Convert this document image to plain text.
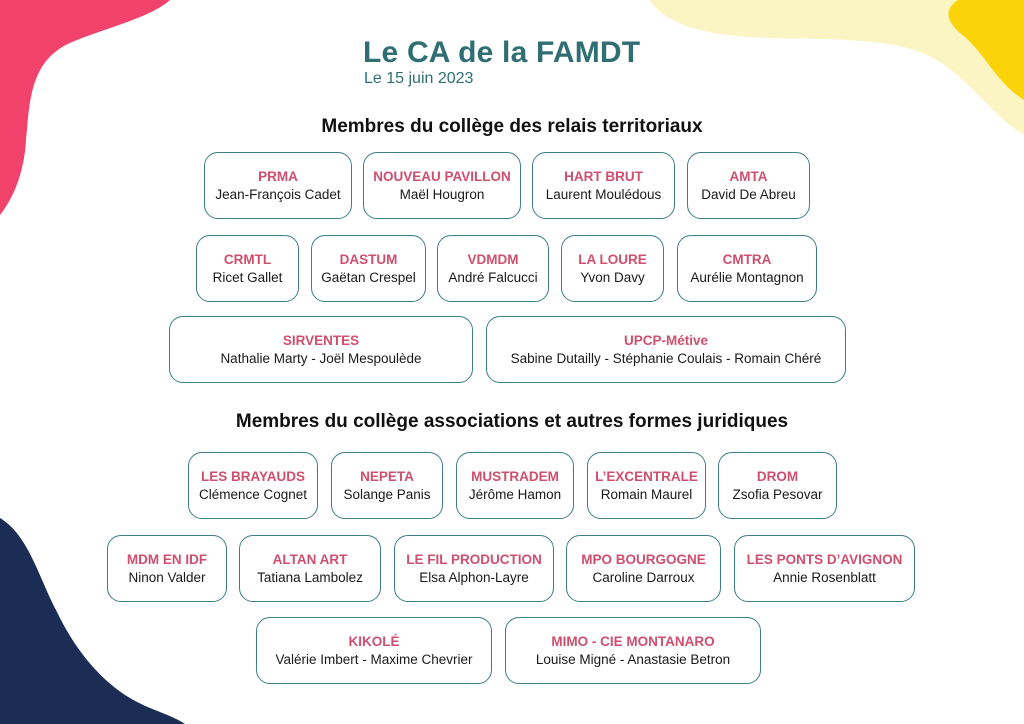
Le CA de la FAMDT
Le 15 juin 2023
Membres du collège des relais territoriaux
PRMA
Jean-François Cadet
NOUVEAU PAVILLON
Maël Hougron
HART BRUT
Laurent Moulédous
AMTA
David De Abreu
CRMTL
Ricet Gallet
DASTUM
Gaëtan Crespel
VDMDM
André Falcucci
LA LOURE
Yvon Davy
CMTRA
Aurélie Montagnon
SIRVENTES
Nathalie Marty - Joël Mespoulède
UPCP-Métive
Sabine Dutailly - Stéphanie Coulais - Romain Chéré
Membres du collège associations et autres formes juridiques
LES BRAYAUDS
Clémence Cognet
NEPETA
Solange Panis
MUSTRADEM
Jérôme Hamon
L’EXCENTRALE
Romain Maurel
DROM
Zsofia Pesovar
MDM EN IDF
Ninon Valder
ALTAN ART
Tatiana Lambolez
LE FIL PRODUCTION
Elsa Alphon-Layre
MPO BOURGOGNE
Caroline Darroux
LES PONTS D’AVIGNON
Annie Rosenblatt
KIKOLÉ
Valérie Imbert - Maxime Chevrier
MIMO - CIE MONTANARO
Louise Migné - Anastasie Betron
